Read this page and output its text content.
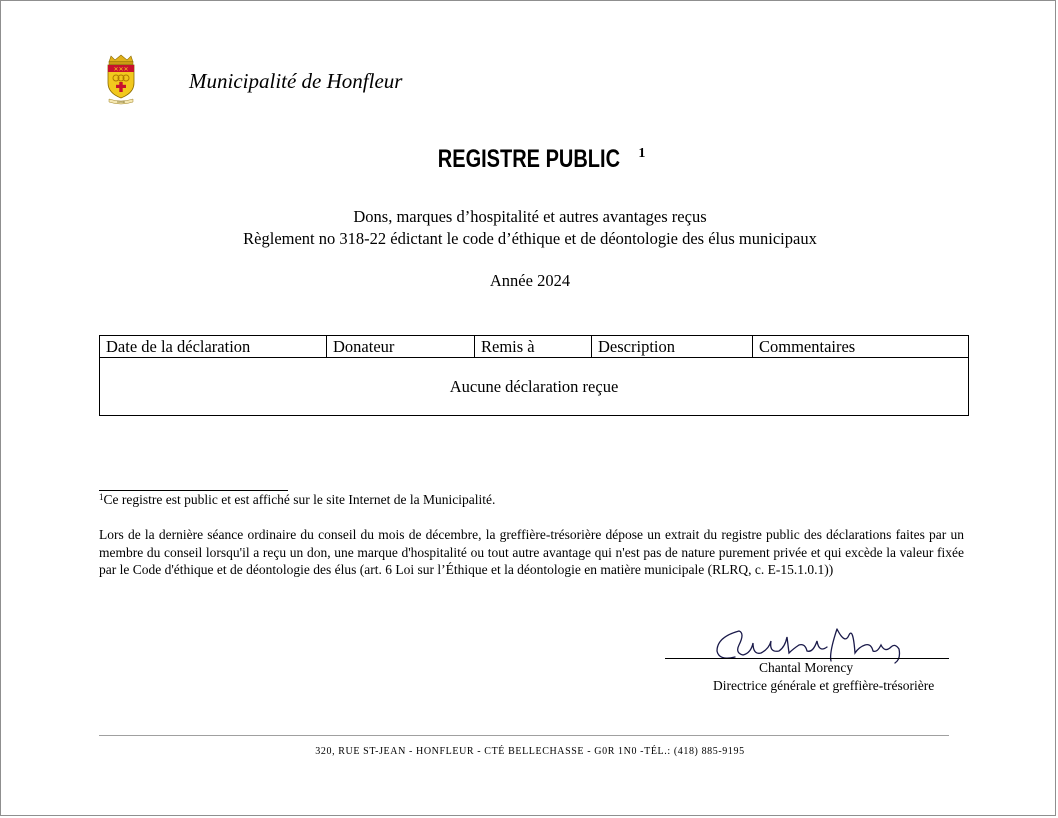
✕✕✕
VIVIR
Municipalité de Honfleur
REGISTRE PUBLIC $^1$
Dons, marques d’hospitalité et autres avantages reçus
Règlement no 318-22 édictant le code d’éthique et de déontologie des élus municipaux
Année 2024
Date de la déclaration	Donateur	Remis à	Description	Commentaires
Aucune déclaration reçue
$^1$Ce registre est public et est affiché sur le site Internet de la Municipalité.
Lors de la dernière séance ordinaire du conseil du mois de décembre, la greffière-trésorière dépose un extrait du registre public des déclarations faites par un membre du conseil lorsqu'il a reçu un don, une marque d'hospitalité ou tout autre avantage qui n'est pas de nature purement privée et qui excède la valeur fixée par le Code d'éthique et de déontologie des élus (art. 6 Loi sur l’Éthique et la déontologie en matière municipale (RLRQ, c. E-15.1.0.1))
Chantal Morency
Directrice générale et greffière-trésorière
320, RUE ST-JEAN - HONFLEUR - CTÉ BELLECHASSE - G0R 1N0 -TÉL.: (418) 885-9195
